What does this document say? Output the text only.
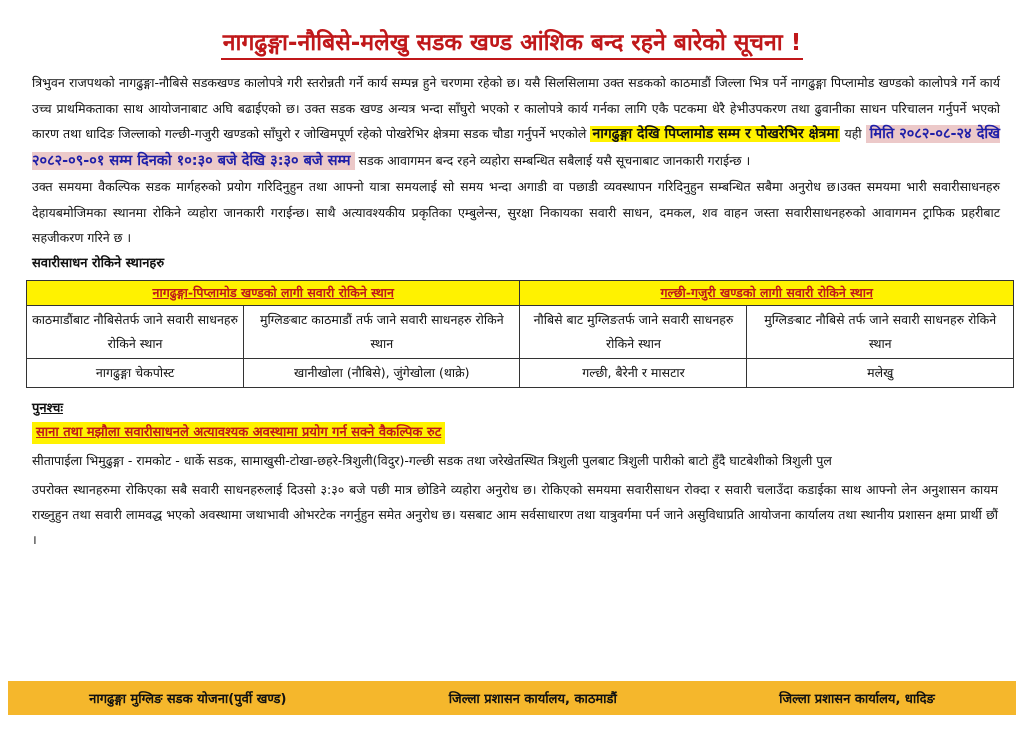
नागढुङ्गा-नौबिसे-मलेखु सडक खण्ड आंशिक बन्द रहने बारेको सूचना !

त्रिभुवन राजपथको नागढुङ्गा-नौबिसे सडकखण्ड कालोपत्रे गरी स्तरोन्नती गर्ने कार्य सम्पन्न हुने चरणमा रहेको छ। यसै सिलसिलामा उक्त सडकको काठमाडौं जिल्ला भित्र पर्ने नागढुङ्गा पिप्लामोड खण्डको कालोपत्रे गर्ने कार्य उच्च प्राथमिकताका साथ आयोजनाबाट अघि बढाईएको छ। उक्त सडक खण्ड अन्यत्र भन्दा साँघुरो भएको र कालोपत्रे कार्य गर्नका लागि एकै पटकमा धेरै हेभीउपकरण तथा ढुवानीका साधन परिचालन गर्नुपर्ने भएको कारण तथा धादिङ जिल्लाको गल्छी-गजुरी खण्डको साँघुरो र जोखिमपूर्ण रहेको पोखरेभिर क्षेत्रमा सडक चौडा गर्नुपर्ने भएकोले नागढुङ्गा देखि पिप्लामोड सम्म र पोखरेभिर क्षेत्रमा यही मिति २०८२-०८-२४ देखि २०८२-०९-०१ सम्म दिनको १०:३० बजे देखि ३:३० बजे सम्म सडक आवागमन बन्द रहने व्यहोरा सम्बन्धित सबैलाई यसै सूचनाबाट जानकारी गराईन्छ ।

उक्त समयमा वैकल्पिक सडक मार्गहरुको प्रयोग गरिदिनुहुन तथा आफ्नो यात्रा समयलाई सो समय भन्दा अगाडी वा पछाडी व्यवस्थापन गरिदिनुहुन सम्बन्धित सबैमा अनुरोध छ।उक्त समयमा भारी सवारीसाधनहरु देहायबमोजिमका स्थानमा रोकिने व्यहोरा जानकारी गराईन्छ। साथै अत्यावश्यकीय प्रकृतिका एम्बुलेन्स, सुरक्षा निकायका सवारी साधन, दमकल, शव वाहन जस्ता सवारीसाधनहरुको आवागमन ट्राफिक प्रहरीबाट सहजीकरण गरिने छ ।

सवारीसाधन रोकिने स्थानहरु
नागढुङ्गा-पिप्लामोड खण्डको लागी सवारी रोकिने स्थान		गल्छी-गजुरी खण्डको लागी सवारी रोकिने स्थान	
काठमाडौंबाट नौबिसेतर्फ जाने सवारी साधनहरु रोकिने स्थान	मुग्लिङबाट काठमाडौं तर्फ जाने सवारी साधनहरु रोकिने स्थान	नौबिसे बाट मुग्लिङतर्फ जाने सवारी साधनहरु रोकिने स्थान	मुग्लिङबाट नौबिसे तर्फ जाने सवारी साधनहरु रोकिने स्थान
नागढुङ्गा चेकपोस्ट	खानीखोला (नौबिसे), जुंगेखोला (थाक्रे)	गल्छी, बैरेनी र मासटार	मलेखु
पुनश्चः
साना तथा मझौला सवारीसाधनले अत्यावश्यक अवस्थामा प्रयोग गर्न सक्ने वैकल्पिक रुट

सीतापाईला भिमुढुङ्गा - रामकोट - धार्के सडक, सामाखुसी-टोखा-छहरे-त्रिशुली(विदुर)-गल्छी सडक तथा जरेखेतस्थित त्रिशुली पुलबाट त्रिशुली पारीको बाटो हुँदै घाटबेशीको त्रिशुली पुल

उपरोक्त स्थानहरुमा रोकिएका सबै सवारी साधनहरुलाई दिउसो ३:३० बजे पछी मात्र छोडिने व्यहोरा अनुरोध छ। रोकिएको समयमा सवारीसाधन रोक्दा र सवारी चलाउँदा कडाईका साथ आफ्नो लेन अनुशासन कायम राख्नुहुन तथा सवारी लामवद्ध भएको अवस्थामा जथाभावी ओभरटेक नगर्नुहुन समेत अनुरोध छ। यसबाट आम सर्वसाधारण तथा यात्रुवर्गमा पर्न जाने असुविधाप्रति आयोजना कार्यालय तथा स्थानीय प्रशासन क्षमा प्रार्थी छौं ।

नागढुङ्गा मुग्लिङ सडक योजना(पुर्वी खण्ड)	जिल्ला प्रशासन कार्यालय, काठमाडौं	जिल्ला प्रशासन कार्यालय, धादिङ
